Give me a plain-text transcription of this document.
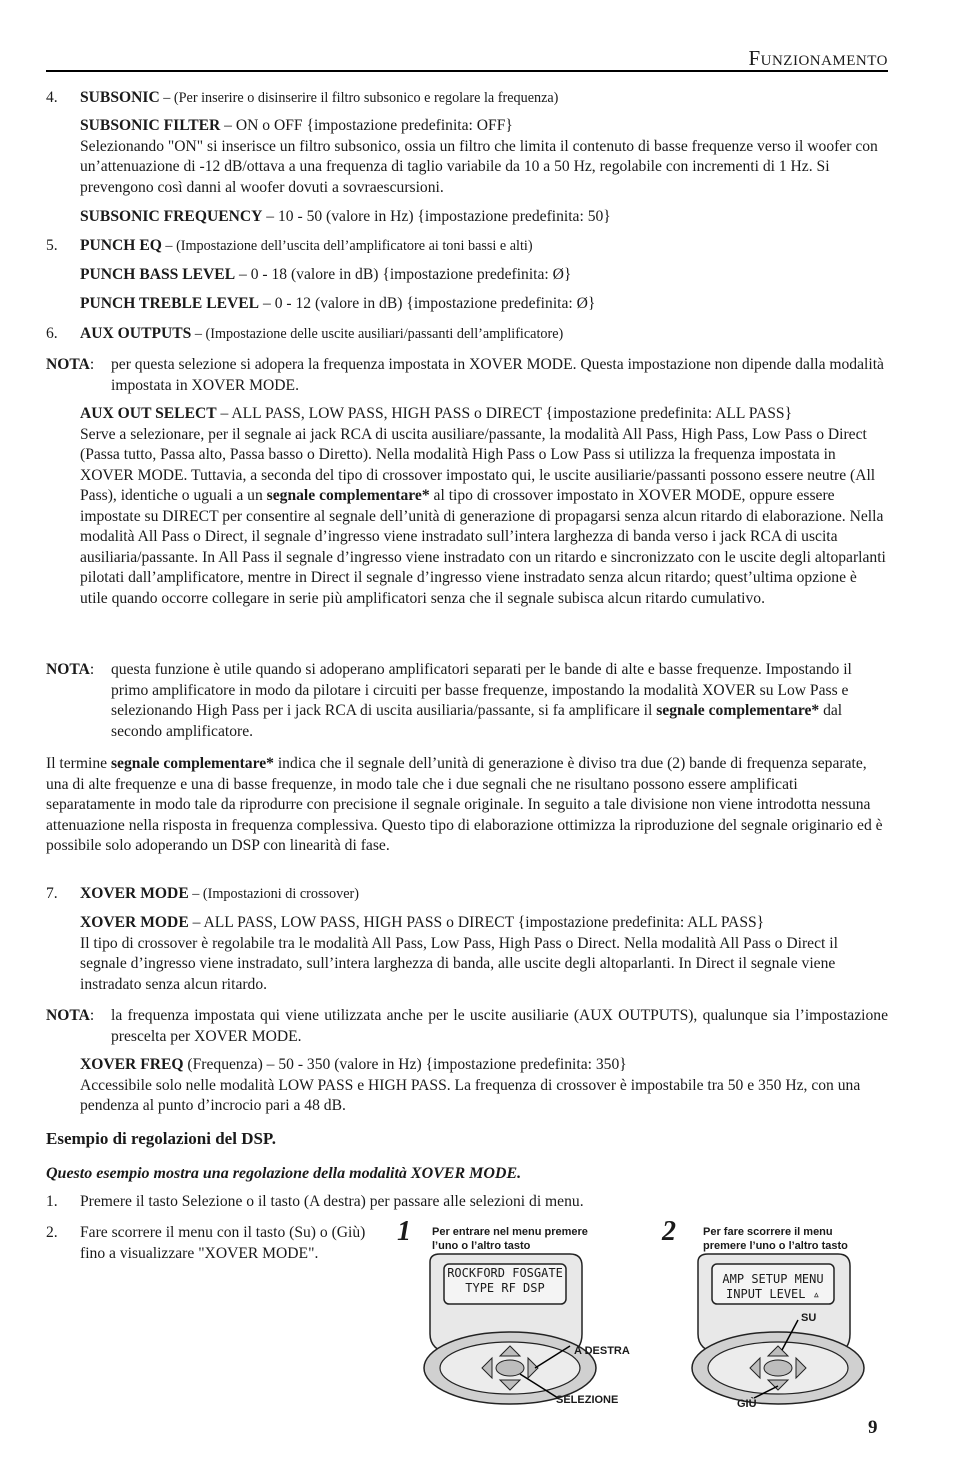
Funzionamento
4. SUBSONIC – (Per inserire o disinserire il filtro subsonico e regolare la frequenza)
SUBSONIC FILTER – ON o OFF {impostazione predefinita: OFF}
Selezionando "ON" si inserisce un filtro subsonico, ossia un filtro che limita il contenuto di basse frequenze verso il woofer con un’attenuazione di -12 dB/ottava a una frequenza di taglio variabile da 10 a 50 Hz, regolabile con incrementi di 1 Hz. Si prevengono così danni al woofer dovuti a sovraescursioni.
SUBSONIC FREQUENCY – 10 - 50 (valore in Hz) {impostazione predefinita: 50}
5. PUNCH EQ – (Impostazione dell’uscita dell’amplificatore ai toni bassi e alti)
PUNCH BASS LEVEL – 0 - 18 (valore in dB) {impostazione predefinita: Ø}
PUNCH TREBLE LEVEL – 0 - 12 (valore in dB) {impostazione predefinita: Ø}
6. AUX OUTPUTS – (Impostazione delle uscite ausiliari/passanti dell’amplificatore)
NOTA: per questa selezione si adopera la frequenza impostata in XOVER MODE. Questa impostazione non dipende dalla modalità impostata in XOVER MODE.
AUX OUT SELECT – ALL PASS, LOW PASS, HIGH PASS o DIRECT {impostazione predefinita: ALL PASS}
Serve a selezionare, per il segnale ai jack RCA di uscita ausiliare/passante, la modalità All Pass, High Pass, Low Pass o Direct (Passa tutto, Passa alto, Passa basso o Diretto). Nella modalità High Pass o Low Pass si utilizza la frequenza impostata in XOVER MODE. Tuttavia, a seconda del tipo di crossover impostato qui, le uscite ausiliarie/passanti possono essere neutre (All Pass), identiche o uguali a un segnale complementare* al tipo di crossover impostato in XOVER MODE, oppure essere impostate su DIRECT per consentire al segnale dell’unità di generazione di propagarsi senza alcun ritardo di elaborazione. Nella modalità All Pass o Direct, il segnale d’ingresso viene instradato sull’intera larghezza di banda verso i jack RCA di uscita ausiliaria/passante. In All Pass il segnale d’ingresso viene instradato con un ritardo e sincronizzato con le uscite degli altoparlanti pilotati dall’amplificatore, mentre in Direct il segnale d’ingresso viene instradato senza alcun ritardo; quest’ultima opzione è utile quando occorre collegare in serie più amplificatori senza che il segnale subisca alcun ritardo cumulativo.
NOTA: questa funzione è utile quando si adoperano amplificatori separati per le bande di alte e basse frequenze. Impostando il primo amplificatore in modo da pilotare i circuiti per basse frequenze, impostando la modalità XOVER su Low Pass e selezionando High Pass per i jack RCA di uscita ausiliaria/passante, si fa amplificare il segnale complementare* dal secondo amplificatore.
Il termine segnale complementare* indica che il segnale dell’unità di generazione è diviso tra due (2) bande di frequenza separate, una di alte frequenze e una di basse frequenze, in modo tale che i due segnali che ne risultano possono essere amplificati separatamente in modo tale da riprodurre con precisione il segnale originale. In seguito a tale divisione non viene introdotta nessuna attenuazione nella risposta in frequenza complessiva. Questo tipo di elaborazione ottimizza la riproduzione del segnale originario ed è possibile solo adoperando un DSP con linearità di fase.
7. XOVER MODE – (Impostazioni di crossover)
XOVER MODE – ALL PASS, LOW PASS, HIGH PASS o DIRECT {impostazione predefinita: ALL PASS}
Il tipo di crossover è regolabile tra le modalità All Pass, Low Pass, High Pass o Direct. Nella modalità All Pass o Direct il segnale d’ingresso viene instradato, sull’intera larghezza di banda, alle uscite degli altoparlanti. In Direct il segnale viene instradato senza alcun ritardo.
NOTA: la frequenza impostata qui viene utilizzata anche per le uscite ausiliarie (AUX OUTPUTS), qualunque sia l’impostazione prescelta per XOVER MODE.
XOVER FREQ (Frequenza) – 50 - 350 (valore in Hz) {impostazione predefinita: 350}
Accessibile solo nelle modalità LOW PASS e HIGH PASS. La frequenza di crossover è impostabile tra 50 e 350 Hz, con una pendenza al punto d’incrocio pari a 48 dB.
Esempio di regolazioni del DSP.
Questo esempio mostra una regolazione della modalità XOVER MODE.
1. Premere il tasto Selezione o il tasto (A destra) per passare alle selezioni di menu.
2. Fare scorrere il menu con il tasto (Su) o (Giù) fino a visualizzare "XOVER MODE".
1 Per entrare nel menu premere
l’uno o l’altro tasto
ROCKFORD FOSGATE
TYPE RF DSP
A DESTRA
SELEZIONE
2 Per fare scorrere il menu
premere l’uno o l’altro tasto
AMP SETUP MENU
INPUT LEVEL ▵
SU
GIÙ
9
